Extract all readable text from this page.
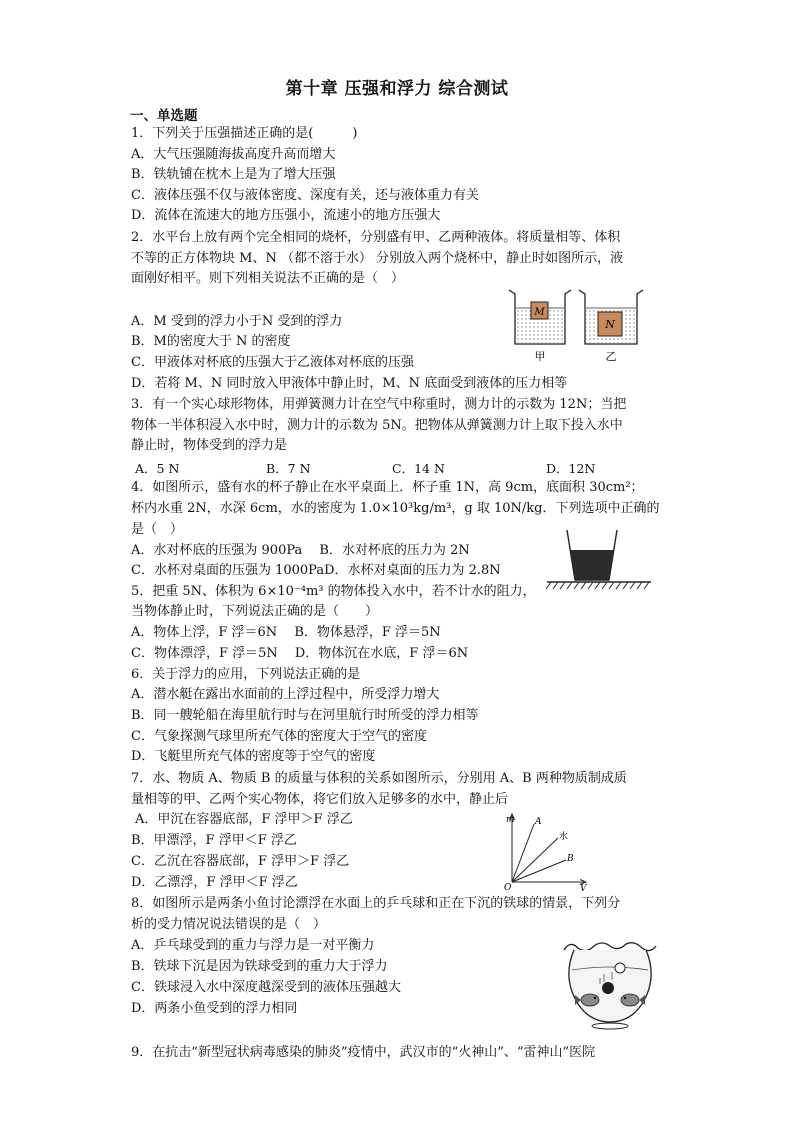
第十章 压强和浮力 综合测试
一、单选题
1．下列关于压强描述正确的是(　　　)
A．大气压强随海拔高度升高而增大
B．铁轨铺在枕木上是为了增大压强
C．液体压强不仅与液体密度、深度有关，还与液体重力有关
D．流体在流速大的地方压强小，流速小的地方压强大
2．水平台上放有两个完全相同的烧杯，分别盛有甲、乙两种液体。将质量相等、体积
不等的正方体物块 M、N （都不溶于水） 分别放入两个烧杯中，静止时如图所示，液
面刚好相平。则下列相关说法不正确的是（　）
A．M 受到的浮力小于N 受到的浮力
B．M的密度大于 N 的密度
C．甲液体对杯底的压强大于乙液体对杯底的压强
D．若将 M、N 同时放入甲液体中静止时，M、N 底面受到液体的压力相等
M
N
甲	乙
3．有一个实心球形物体，用弹簧测力计在空气中称重时，测力计的示数为 12N；当把
物体一半体积浸入水中时，测力计的示数为 5N。把物体从弹簧测力计上取下投入水中
静止时，物体受到的浮力是
A．5 N	B．7 N	C．14 N	D．12N
4．如图所示，盛有水的杯子静止在水平桌面上．杯子重 1N，高 9cm，底面积 30cm²；
杯内水重 2N，水深 6cm，水的密度为 1.0×10³kg/m³，g 取 10N/kg．下列选项中正确的
是（　）
A．水对杯底的压强为 900Pa　 B．水对杯底的压力为 2N
C．水杯对桌面的压强为 1000PaD．水杯对桌面的压力为 2.8N
5．把重 5N、体积为 6×10⁻⁴m³ 的物体投入水中，若不计水的阻力，
当物体静止时，下列说法正确的是（　　）
A．物体上浮，F 浮＝6N　 B．物体悬浮，F 浮＝5N
C．物体漂浮，F 浮＝5N　 D．物体沉在水底，F 浮＝6N
6．关于浮力的应用，下列说法正确的是
A．潜水艇在露出水面前的上浮过程中，所受浮力增大
B．同一艘轮船在海里航行时与在河里航行时所受的浮力相等
C．气象探测气球里所充气体的密度大于空气的密度
D．飞艇里所充气体的密度等于空气的密度
7．水、物质 A、物质 B 的质量与体积的关系如图所示，分别用 A、B 两种物质制成质
量相等的甲、乙两个实心物体，将它们放入足够多的水中，静止后
A．甲沉在容器底部，F 浮甲＞F 浮乙
B．甲漂浮，F 浮甲＜F 浮乙
C．乙沉在容器底部，F 浮甲＞F 浮乙
D．乙漂浮，F 浮甲＜F 浮乙
m A
水
B
O	V
8．如图所示是两条小鱼讨论漂浮在水面上的乒乓球和正在下沉的铁球的情景，下列分
析的受力情况说法错误的是（　）
A．乒乓球受到的重力与浮力是一对平衡力
B．铁球下沉是因为铁球受到的重力大于浮力
C．铁球浸入水中深度越深受到的液体压强越大
D．两条小鱼受到的浮力相同
9．在抗击“新型冠状病毒感染的肺炎”疫情中，武汉市的“火神山”、“雷神山”医院
